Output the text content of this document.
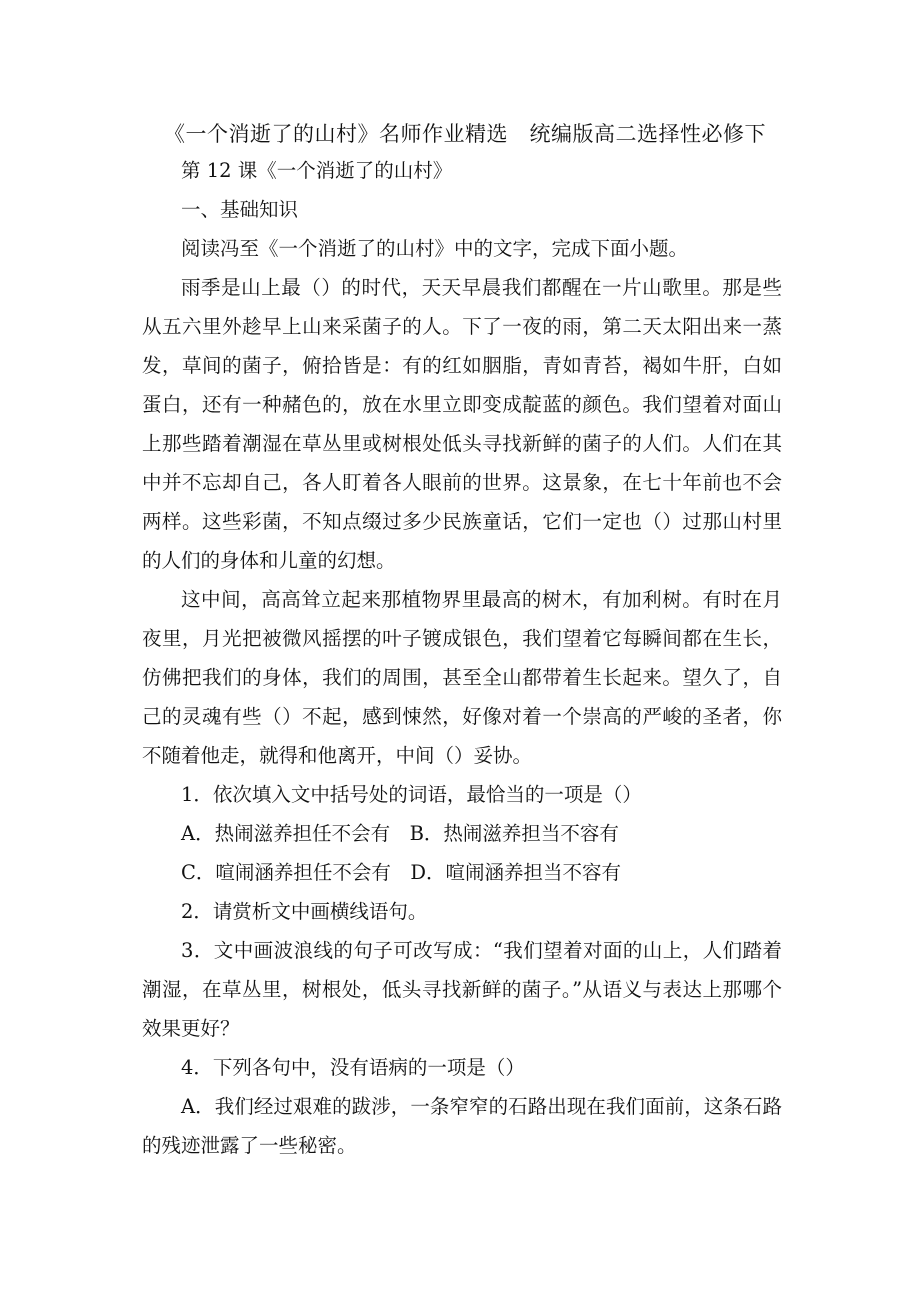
《一个消逝了的山村》名师作业精选　统编版高二选择性必修下

第 12 课《一个消逝了的山村》

一、基础知识

阅读冯至《一个消逝了的山村》中的文字，完成下面小题。

雨季是山上最（）的时代，天天早晨我们都醒在一片山歌里。那是些从五六里外趁早上山来采菌子的人。下了一夜的雨，第二天太阳出来一蒸发，草间的菌子，俯拾皆是：有的红如胭脂，青如青苔，褐如牛肝，白如蛋白，还有一种赭色的，放在水里立即变成靛蓝的颜色。我们望着对面山上那些踏着潮湿在草丛里或树根处低头寻找新鲜的菌子的人们。人们在其中并不忘却自己，各人盯着各人眼前的世界。这景象，在七十年前也不会两样。这些彩菌，不知点缀过多少民族童话，它们一定也（）过那山村里的人们的身体和儿童的幻想。

这中间，高高耸立起来那植物界里最高的树木，有加利树。有时在月夜里，月光把被微风摇摆的叶子镀成银色，我们望着它每瞬间都在生长，仿佛把我们的身体，我们的周围，甚至全山都带着生长起来。望久了，自己的灵魂有些（）不起，感到悚然，好像对着一个崇高的严峻的圣者，你不随着他走，就得和他离开，中间（）妥协。

1．依次填入文中括号处的词语，最恰当的一项是（）

A．热闹滋养担任不会有　B．热闹滋养担当不容有

C．喧闹涵养担任不会有　D．喧闹涵养担当不容有

2．请赏析文中画横线语句。

3．文中画波浪线的句子可改写成：“我们望着对面的山上，人们踏着潮湿，在草丛里，树根处，低头寻找新鲜的菌子。”从语义与表达上那哪个效果更好？

4．下列各句中，没有语病的一项是（）

A．我们经过艰难的跋涉，一条窄窄的石路出现在我们面前，这条石路的残迹泄露了一些秘密。
